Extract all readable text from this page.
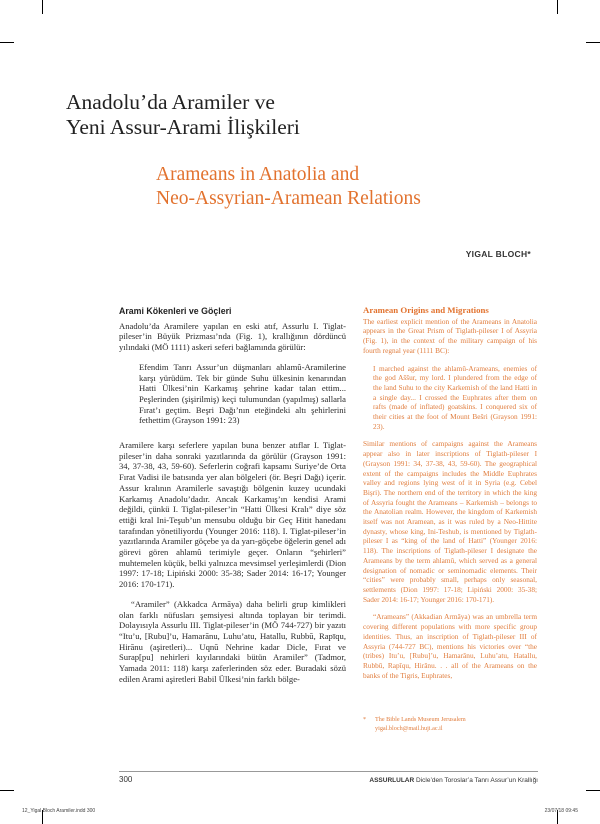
Anadolu’da Aramiler ve
Yeni Assur-Arami İlişkileri
Arameans in Anatolia and
Neo-Assyrian-Aramean Relations
YIGAL BLOCH*
Arami Kökenleri ve Göçleri

Anadolu’da Aramilere yapılan en eski atıf, Assurlu I. Tiglat-pileser’in Büyük Prizması’nda (Fig. 1), krallığının dördüncü yılındaki (MÖ 1111) askeri seferi bağlamında görülür:

Efendim Tanrı Assur’un düşmanları ahlamû-Aramilerine karşı yürüdüm. Tek bir günde Suhu ülkesinin kenarından Hatti Ülkesi’nin Karkamış şehrine kadar talan ettim... Peşlerinden (şişirilmiş) keçi tulumundan (yapılmış) sallarla Fırat’ı geçtim. Beşri Dağı’nın eteğindeki altı şehirlerini fethettim (Grayson 1991: 23)

Aramilere karşı seferlere yapılan buna benzer atıflar I. Tiglat-pileser’in daha sonraki yazıtlarında da görülür (Grayson 1991: 34, 37-38, 43, 59-60). Seferlerin coğrafi kapsamı Suriye’de Orta Fırat Vadisi ile batısında yer alan bölgeleri (ör. Beşri Dağı) içerir. Assur kralının Aramilerle savaştığı bölgenin kuzey ucundaki Karkamış Anadolu’dadır. Ancak Karkamış’ın kendisi Arami değildi, çünkü I. Tiglat-pileser’in “Hatti Ülkesi Kralı” diye söz ettiği kral Ini-Teşub’un mensubu olduğu bir Geç Hitit hanedanı tarafından yönetiliyordu (Younger 2016: 118). I. Tiglat-pileser’in yazıtlarında Aramiler göçebe ya da yarı-göçebe öğelerin genel adı görevi gören ahlamû terimiyle geçer. Onların “şehirleri” muhtemelen küçük, belki yalnızca mevsimsel yerleşimlerdi (Dion 1997: 17-18; Lipiński 2000: 35-38; Sader 2014: 16-17; Younger 2016: 170-171).

“Aramiler” (Akkadca Armāya) daha belirli grup kimlikleri olan farklı nüfusları şemsiyesi altında toplayan bir terimdi. Dolayısıyla Assurlu III. Tiglat-pileser’in (MÖ 744-727) bir yazıtı “Itu’u, [Rubu]’u, Hamarānu, Luhu’atu, Hatallu, Rubbū, Rapīqu, Hirānu (aşiretleri)... Uqnū Nehrine kadar Dicle, Fırat ve Surap[pu] nehirleri kıyılarındaki bütün Aramiler” (Tadmor, Yamada 2011: 118) karşı zaferlerinden söz eder. Buradaki sözü edilen Arami aşiretleri Babil Ülkesi’nin farklı bölge-

Aramean Origins and Migrations

The earliest explicit mention of the Arameans in Anatolia appears in the Great Prism of Tiglath-pileser I of Assyria (Fig. 1), in the context of the military campaign of his fourth regnal year (1111 BC):

I marched against the ahlamû-Arameans, enemies of the god Aššur, my lord. I plundered from the edge of the land Suhu to the city Karkemish of the land Hatti in a single day... I crossed the Euphrates after them on rafts (made of inflated) goatskins. I conquered six of their cities at the foot of Mount Bešri (Grayson 1991: 23).

Similar mentions of campaigns against the Arameans appear also in later inscriptions of Tiglath-pileser I (Grayson 1991: 34, 37-38, 43, 59-60). The geographical extent of the campaigns includes the Middle Euphrates valley and regions lying west of it in Syria (e.g. Cebel Bişri). The northern end of the territory in which the king of Assyria fought the Arameans – Karkemish – belongs to the Anatolian realm. However, the kingdom of Karkemish itself was not Aramean, as it was ruled by a Neo-Hittite dynasty, whose king, Ini-Teshub, is mentioned by Tiglath-pileser I as “king of the land of Hatti” (Younger 2016: 118). The inscriptions of Tiglath-pileser I designate the Arameans by the term ahlamû, which served as a general designation of nomadic or seminomadic elements. Their “cities” were probably small, perhaps only seasonal, settlements (Dion 1997: 17-18; Lipiński 2000: 35-38; Sader 2014: 16-17; Younger 2016: 170-171).

“Arameans” (Akkadian Armāya) was an umbrella term covering different populations with more specific group identities. Thus, an inscription of Tiglath-pileser III of Assyria (744-727 BC), mentions his victories over “the (tribes) Itu’u, [Rubu]’u, Hamarānu, Luhu’atu, Hatallu, Rubbū, Rapīqu, Hirānu. . . all of the Arameans on the banks of the Tigris, Euphrates,

*	The Bible Lands Museum Jerusalem
yigal.bloch@mail.huji.ac.il
300	ASSURLULAR Dicle’den Toroslar’a Tanrı Assur’un Krallığı
12_Yigal Bloch Aramiler.indd 300	23/07/18 09:45
